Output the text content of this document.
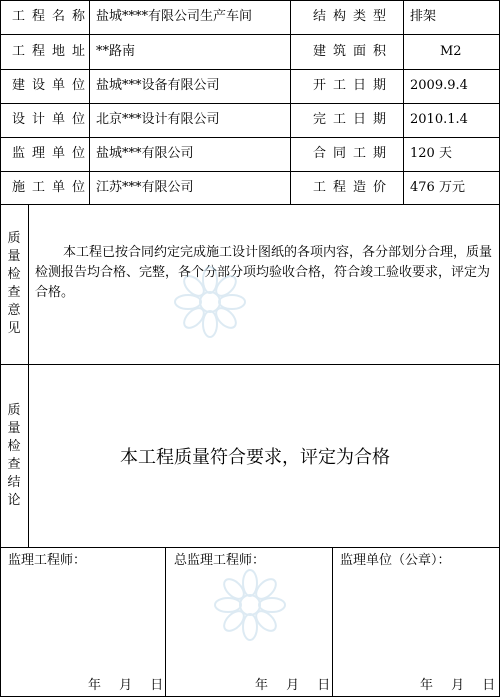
工程名称 盐城****有限公司生产车间	结构类型 排架
工程地址 **路南	建筑面积	M2
建设单位 盐城***设备有限公司	开工日期 2009.9.4
设计单位 北京***设计有限公司	完工日期 2010.1.4
监理单位 盐城***有限公司	合同工期 120 天
施工单位 江苏***有限公司	工程造价 476 万元
质
量
检
查
意
见
本工程已按合同约定完成施工设计图纸的各项内容，各分部划分合理，质量检测报告均合格、完整，各个分部分项均验收合格，符合竣工验收要求，评定为合格。
质
量
检
查
结
论
本工程质量符合要求，评定为合格
监理工程师：	总监理工程师：	监理单位（公章）：
年 月 日	年 月 日	年 月 日
